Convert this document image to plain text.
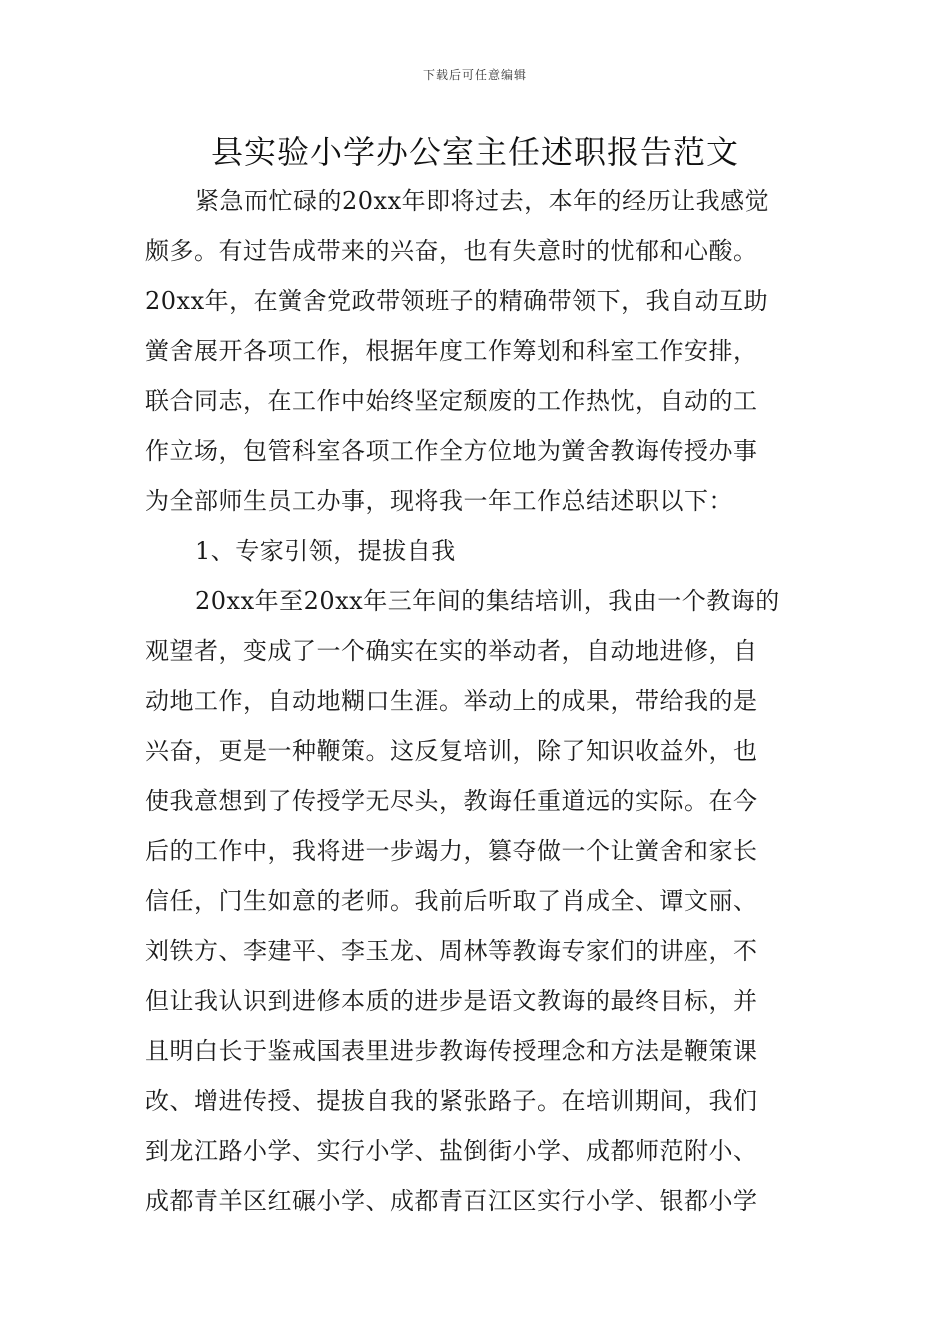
下载后可任意编辑
县实验小学办公室主任述职报告范文
紧急而忙碌的20xx年即将过去，本年的经历让我感觉
颇多。有过告成带来的兴奋，也有失意时的忧郁和心酸。
20xx年，在黉舍党政带领班子的精确带领下，我自动互助
黉舍展开各项工作，根据年度工作筹划和科室工作安排，
联合同志，在工作中始终坚定颓废的工作热忱，自动的工
作立场，包管科室各项工作全方位地为黉舍教诲传授办事
为全部师生员工办事，现将我一年工作总结述职以下：
1、专家引领，提拔自我
20xx年至20xx年三年间的集结培训，我由一个教诲的
观望者，变成了一个确实在实的举动者，自动地进修，自
动地工作，自动地糊口生涯。举动上的成果，带给我的是
兴奋，更是一种鞭策。这反复培训，除了知识收益外，也
使我意想到了传授学无尽头，教诲任重道远的实际。在今
后的工作中，我将进一步竭力，篡夺做一个让黉舍和家长
信任，门生如意的老师。我前后听取了肖成全、谭文丽、
刘铁方、李建平、李玉龙、周林等教诲专家们的讲座，不
但让我认识到进修本质的进步是语文教诲的最终目标，并
且明白长于鉴戒国表里进步教诲传授理念和方法是鞭策课
改、增进传授、提拔自我的紧张路子。在培训期间，我们
到龙江路小学、实行小学、盐倒街小学、成都师范附小、
成都青羊区红碾小学、成都青百江区实行小学、银都小学
